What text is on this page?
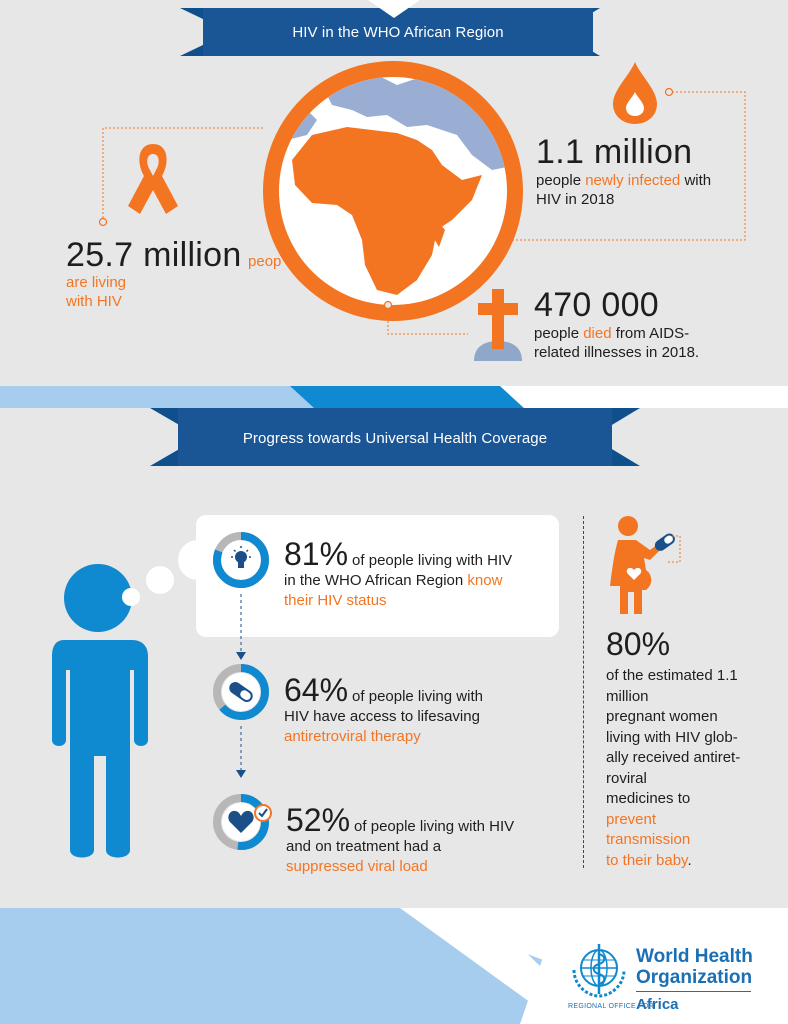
HIV in the WHO African Region
25.7 million peop
are living
with HIV
1.1 million
people newly infected with
HIV in 2018
470 000
people died from AIDS-
related illnesses in 2018.
Progress towards Universal Health Coverage
81% of people living with HIV
in the WHO African Region know
their HIV status
64% of people living with
HIV have access to lifesaving
antiretroviral therapy
52% of people living with HIV
and on treatment had a
suppressed viral load
80%
of the estimated 1.1
million
pregnant women
living with HIV glob-
ally received antiret-
roviral
medicines to
prevent
transmission
to their baby.
World Health
Organization
REGIONAL OFFICE FOR
Africa
